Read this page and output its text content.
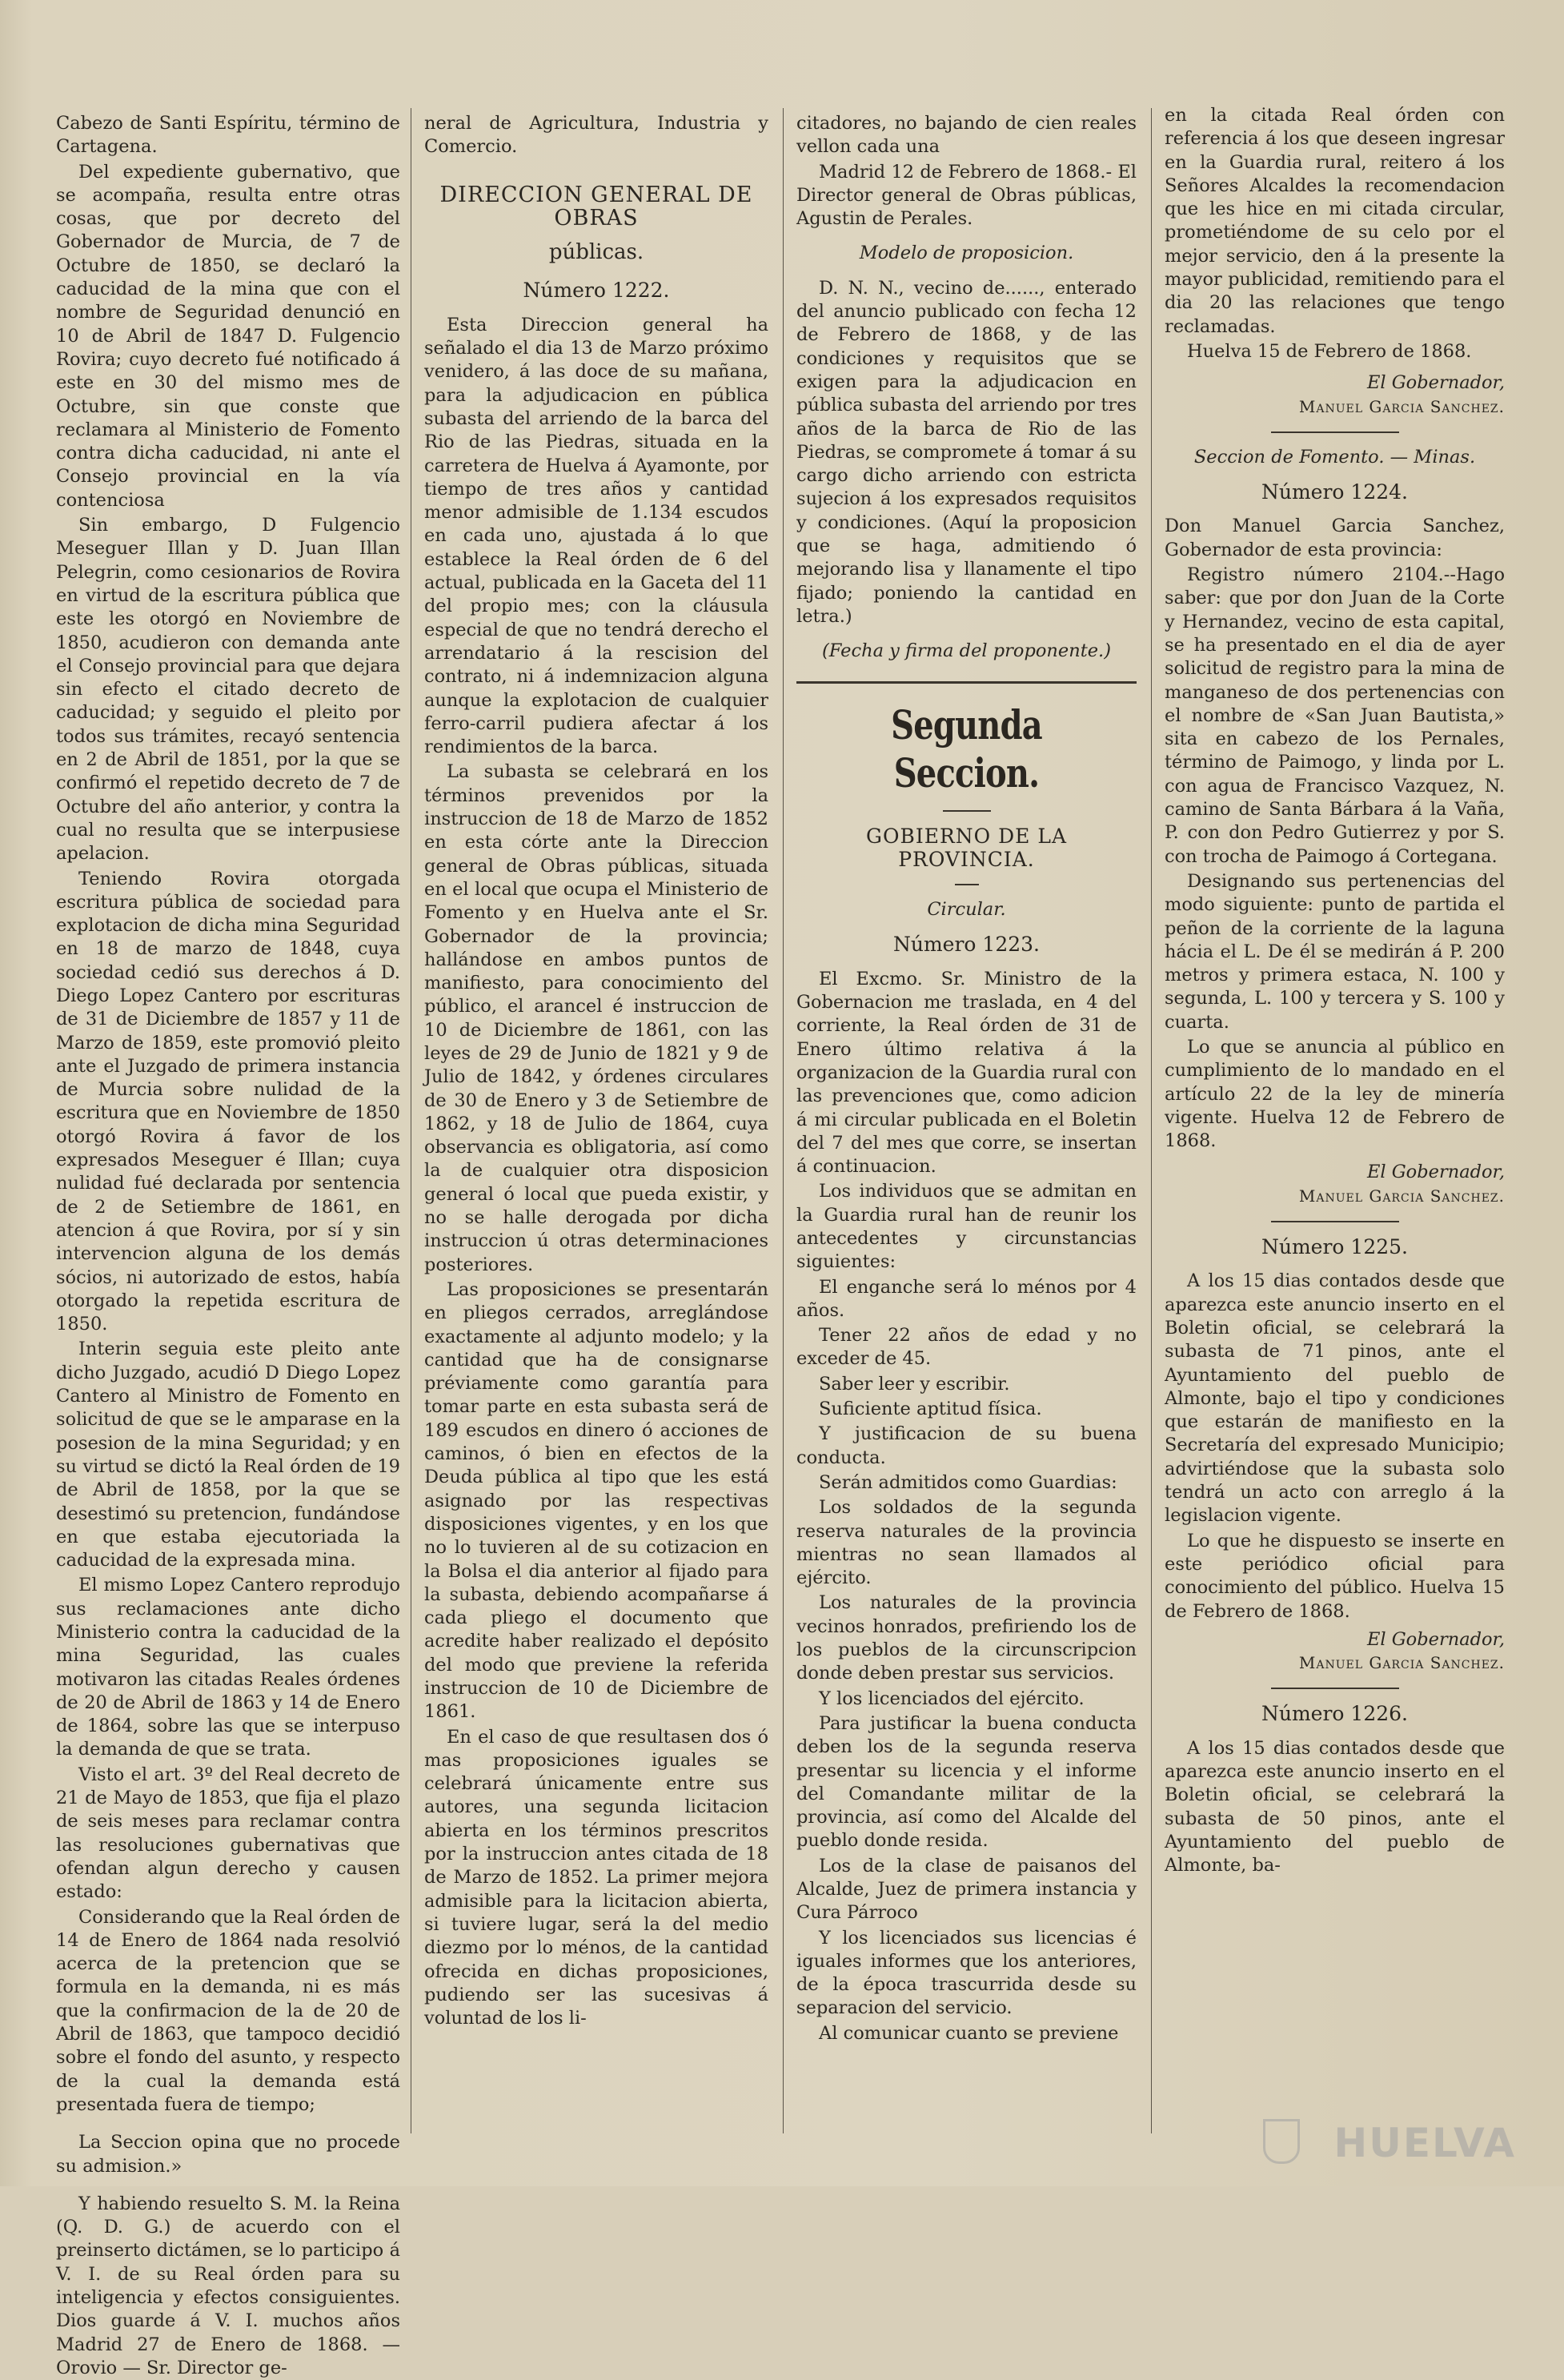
Cabezo de Santi Espíritu, término de Cartagena.

Del expediente gubernativo, que se acompaña, resulta entre otras cosas, que por decreto del Gobernador de Murcia, de 7 de Octubre de 1850, se declaró la caducidad de la mina que con el nombre de Seguridad denunció en 10 de Abril de 1847 D. Fulgencio Rovira; cuyo decreto fué notificado á este en 30 del mismo mes de Octubre, sin que conste que reclamara al Ministerio de Fomento contra dicha caducidad, ni ante el Consejo provincial en la vía contenciosa

Sin embargo, D Fulgencio Meseguer Illan y D. Juan Illan Pelegrin, como cesionarios de Rovira en virtud de la escritura pública que este les otorgó en Noviembre de 1850, acudieron con demanda ante el Consejo provincial para que dejara sin efecto el citado decreto de caducidad; y seguido el pleito por todos sus trámites, recayó sentencia en 2 de Abril de 1851, por la que se confirmó el repetido decreto de 7 de Octubre del año anterior, y contra la cual no resulta que se interpusiese apelacion.

Teniendo Rovira otorgada escritura pública de sociedad para explotacion de dicha mina Seguridad en 18 de marzo de 1848, cuya sociedad cedió sus derechos á D. Diego Lopez Cantero por escrituras de 31 de Diciembre de 1857 y 11 de Marzo de 1859, este promovió pleito ante el Juzgado de primera instancia de Murcia sobre nulidad de la escritura que en Noviembre de 1850 otorgó Rovira á favor de los expresados Meseguer é Illan; cuya nulidad fué declarada por sentencia de 2 de Setiembre de 1861, en atencion á que Rovira, por sí y sin intervencion alguna de los demás sócios, ni autorizado de estos, había otorgado la repetida escritura de 1850.

Interin seguia este pleito ante dicho Juzgado, acudió D Diego Lopez Cantero al Ministro de Fomento en solicitud de que se le amparase en la posesion de la mina Seguridad; y en su virtud se dictó la Real órden de 19 de Abril de 1858, por la que se desestimó su pretencion, fundándose en que estaba ejecutoriada la caducidad de la expresada mina.

El mismo Lopez Cantero reprodujo sus reclamaciones ante dicho Ministerio contra la caducidad de la mina Seguridad, las cuales motivaron las citadas Reales órdenes de 20 de Abril de 1863 y 14 de Enero de 1864, sobre las que se interpuso la demanda de que se trata.

Visto el art. 3º del Real decreto de 21 de Mayo de 1853, que fija el plazo de seis meses para reclamar contra las resoluciones gubernativas que ofendan algun derecho y causen estado:

Considerando que la Real órden de 14 de Enero de 1864 nada resolvió acerca de la pretencion que se formula en la demanda, ni es más que la confirmacion de la de 20 de Abril de 1863, que tampoco decidió sobre el fondo del asunto, y respecto de la cual la demanda está presentada fuera de tiempo;

La Seccion opina que no procede su admision.»

Y habiendo resuelto S. M. la Reina (Q. D. G.) de acuerdo con el preinserto dictámen, se lo participo á V. I. de su Real órden para su inteligencia y efectos consiguientes. Dios guarde á V. I. muchos años Madrid 27 de Enero de 1868. — Orovio — Sr. Director ge-

neral de Agricultura, Industria y Comercio.

DIRECCION GENERAL DE OBRAS
públicas.
Número 1222.

Esta Direccion general ha señalado el dia 13 de Marzo próximo venidero, á las doce de su mañana, para la adjudicacion en pública subasta del arriendo de la barca del Rio de las Piedras, situada en la carretera de Huelva á Ayamonte, por tiempo de tres años y cantidad menor admisible de 1.134 escudos en cada uno, ajustada á lo que establece la Real órden de 6 del actual, publicada en la Gaceta del 11 del propio mes; con la cláusula especial de que no tendrá derecho el arrendatario á la rescision del contrato, ni á indemnizacion alguna aunque la explotacion de cualquier ferro-carril pudiera afectar á los rendimientos de la barca.

La subasta se celebrará en los términos prevenidos por la instruccion de 18 de Marzo de 1852 en esta córte ante la Direccion general de Obras públicas, situada en el local que ocupa el Ministerio de Fomento y en Huelva ante el Sr. Gobernador de la provincia; hallándose en ambos puntos de manifiesto, para conocimiento del público, el arancel é instruccion de 10 de Diciembre de 1861, con las leyes de 29 de Junio de 1821 y 9 de Julio de 1842, y órdenes circulares de 30 de Enero y 3 de Setiembre de 1862, y 18 de Julio de 1864, cuya observancia es obligatoria, así como la de cualquier otra disposicion general ó local que pueda existir, y no se halle derogada por dicha instruccion ú otras determinaciones posteriores.

Las proposiciones se presentarán en pliegos cerrados, arreglándose exactamente al adjunto modelo; y la cantidad que ha de consignarse préviamente como garantía para tomar parte en esta subasta será de 189 escudos en dinero ó acciones de caminos, ó bien en efectos de la Deuda pública al tipo que les está asignado por las respectivas disposiciones vigentes, y en los que no lo tuvieren al de su cotizacion en la Bolsa el dia anterior al fijado para la subasta, debiendo acompañarse á cada pliego el documento que acredite haber realizado el depósito del modo que previene la referida instruccion de 10 de Diciembre de 1861.

En el caso de que resultasen dos ó mas proposiciones iguales se celebrará únicamente entre sus autores, una segunda licitacion abierta en los términos prescritos por la instruccion antes citada de 18 de Marzo de 1852. La primer mejora admisible para la licitacion abierta, si tuviere lugar, será la del medio diezmo por lo ménos, de la cantidad ofrecida en dichas proposiciones, pudiendo ser las sucesivas á voluntad de los li-

citadores, no bajando de cien reales vellon cada una

Madrid 12 de Febrero de 1868.- El Director general de Obras públicas, Agustin de Perales.

Modelo de proposicion.

D. N. N., vecino de......, enterado del anuncio publicado con fecha 12 de Febrero de 1868, y de las condiciones y requisitos que se exigen para la adjudicacion en pública subasta del arriendo por tres años de la barca de Rio de las Piedras, se compromete á tomar á su cargo dicho arriendo con estricta sujecion á los expresados requisitos y condiciones. (Aquí la proposicion que se haga, admitiendo ó mejorando lisa y llanamente el tipo fijado; poniendo la cantidad en letra.)

(Fecha y firma del proponente.)
Segunda Seccion.
GOBIERNO DE LA PROVINCIA.
Circular.
Número 1223.

El Excmo. Sr. Ministro de la Gobernacion me traslada, en 4 del corriente, la Real órden de 31 de Enero último relativa á la organizacion de la Guardia rural con las prevenciones que, como adicion á mi circular publicada en el Boletin del 7 del mes que corre, se insertan á continuacion.

Los individuos que se admitan en la Guardia rural han de reunir los antecedentes y circunstancias siguientes:

El enganche será lo ménos por 4 años.

Tener 22 años de edad y no exceder de 45.

Saber leer y escribir.

Suficiente aptitud física.

Y justificacion de su buena conducta.

Serán admitidos como Guardias:

Los soldados de la segunda reserva naturales de la provincia mientras no sean llamados al ejército.

Los naturales de la provincia vecinos honrados, prefiriendo los de los pueblos de la circunscripcion donde deben prestar sus servicios.

Y los licenciados del ejército.

Para justificar la buena conducta deben los de la segunda reserva presentar su licencia y el informe del Comandante militar de la provincia, así como del Alcalde del pueblo donde resida.

Los de la clase de paisanos del Alcalde, Juez de primera instancia y Cura Párroco

Y los licenciados sus licencias é iguales informes que los anteriores, de la época trascurrida desde su separacion del servicio.

Al comunicar cuanto se previene

en la citada Real órden con referencia á los que deseen ingresar en la Guardia rural, reitero á los Señores Alcaldes la recomendacion que les hice en mi citada circular, prometiéndome de su celo por el mejor servicio, den á la presente la mayor publicidad, remitiendo para el dia 20 las relaciones que tengo reclamadas.

Huelva 15 de Febrero de 1868.

El Gobernador,
Manuel Garcia Sanchez.
Seccion de Fomento. — Minas.
Número 1224.

Don Manuel Garcia Sanchez, Gobernador de esta provincia:

Registro número 2104.--Hago saber: que por don Juan de la Corte y Hernandez, vecino de esta capital, se ha presentado en el dia de ayer solicitud de registro para la mina de manganeso de dos pertenencias con el nombre de «San Juan Bautista,» sita en cabezo de los Pernales, término de Paimogo, y linda por L. con agua de Francisco Vazquez, N. camino de Santa Bárbara á la Vaña, P. con don Pedro Gutierrez y por S. con trocha de Paimogo á Cortegana.

Designando sus pertenencias del modo siguiente: punto de partida el peñon de la corriente de la laguna hácia el L. De él se medirán á P. 200 metros y primera estaca, N. 100 y segunda, L. 100 y tercera y S. 100 y cuarta.

Lo que se anuncia al público en cumplimiento de lo mandado en el artículo 22 de la ley de minería vigente. Huelva 12 de Febrero de 1868.

El Gobernador,
Manuel Garcia Sanchez.
Número 1225.

A los 15 dias contados desde que aparezca este anuncio inserto en el Boletin oficial, se celebrará la subasta de 71 pinos, ante el Ayuntamiento del pueblo de Almonte, bajo el tipo y condiciones que estarán de manifiesto en la Secretaría del expresado Municipio; advirtiéndose que la subasta solo tendrá un acto con arreglo á la legislacion vigente.

Lo que he dispuesto se inserte en este periódico oficial para conocimiento del público. Huelva 15 de Febrero de 1868.

El Gobernador,
Manuel Garcia Sanchez.
Número 1226.

A los 15 dias contados desde que aparezca este anuncio inserto en el Boletin oficial, se celebrará la subasta de 50 pinos, ante el Ayuntamiento del pueblo de Almonte, ba-

HUELVA
